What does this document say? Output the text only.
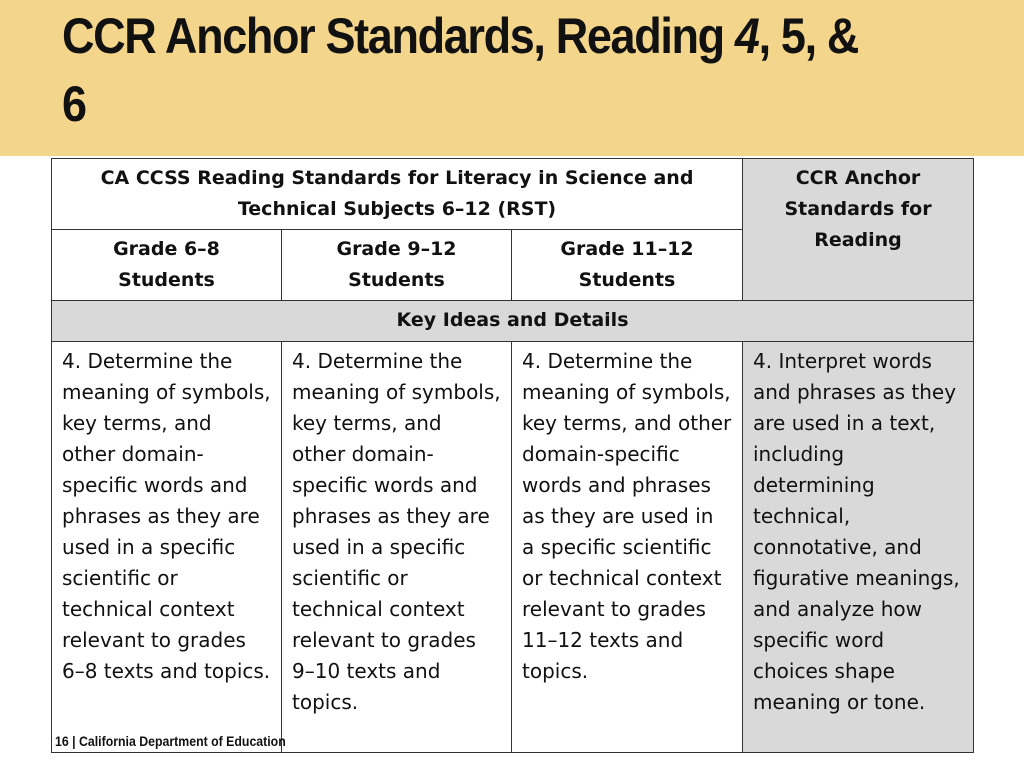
CCR Anchor Standards, Reading 4, 5, & 6
CA CCSS Reading Standards for Literacy in Science and Technical Subjects 6–12 (RST)			CCR Anchor Standards for Reading
Grade 6–8 Students	Grade 9–12 Students	Grade 11–12 Students	
Key Ideas and Details			
4. Determine the meaning of symbols, key terms, and other domain-specific words and phrases as they are used in a specific scientific or technical context relevant to grades 6–8 texts and topics.	4. Determine the meaning of symbols, key terms, and other domain-specific words and phrases as they are used in a specific scientific or technical context relevant to grades 9–10 texts and topics.	4. Determine the meaning of symbols, key terms, and other domain-specific words and phrases as they are used in a specific scientific or technical context relevant to grades 11–12 texts and topics.	4. Interpret words and phrases as they are used in a text, including determining technical, connotative, and figurative meanings, and analyze how specific word choices shape meaning or tone.
16 | California Department of Education
